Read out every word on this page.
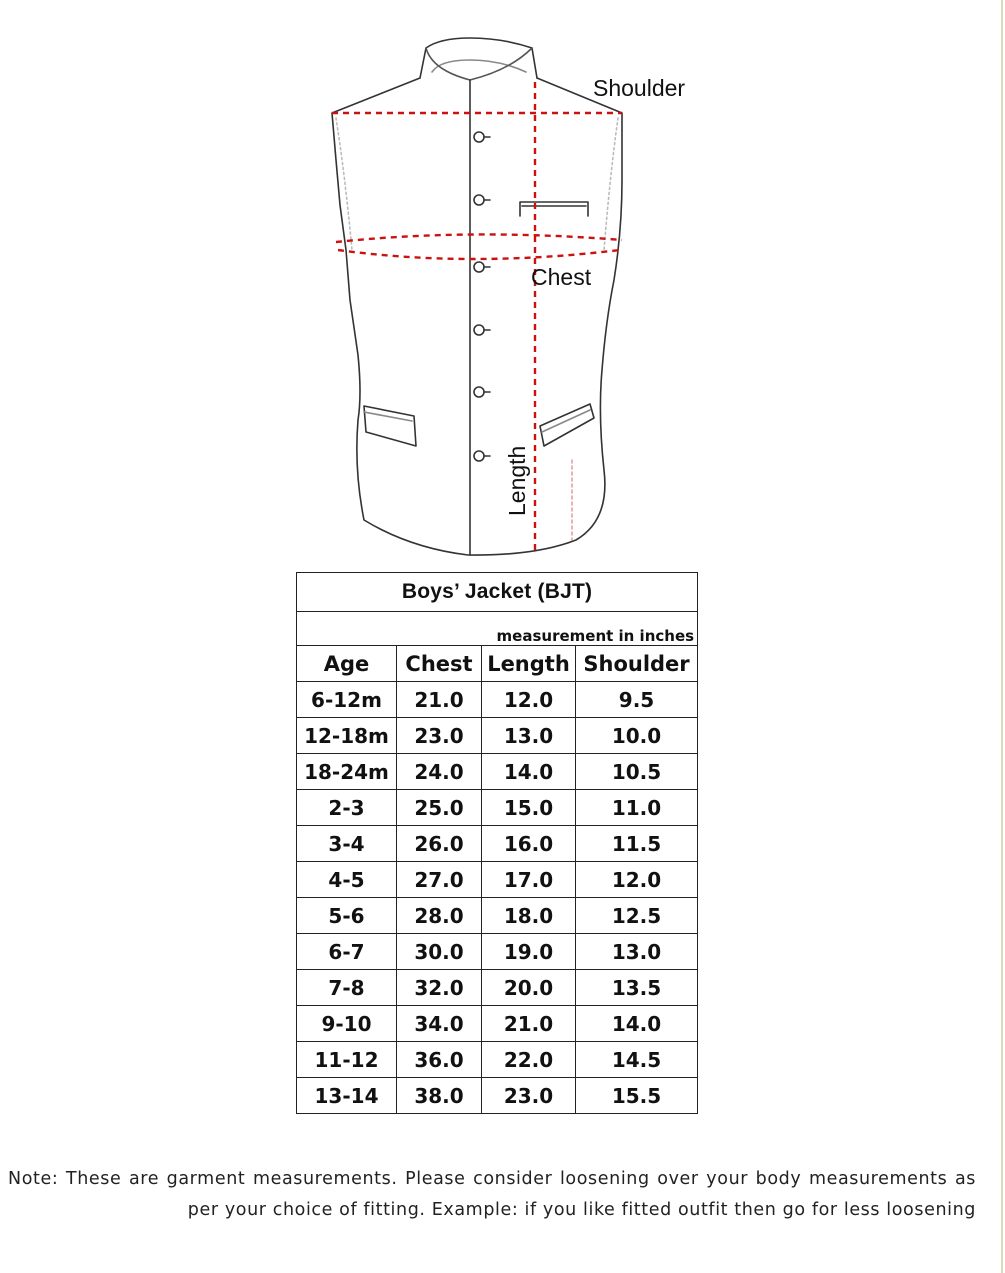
Shoulder
Chest
Length
Boys’ Jacket (BJT)			
measurement in inches			
Age	Chest	Length	Shoulder
6-12m	21.0	12.0	9.5
12-18m	23.0	13.0	10.0
18-24m	24.0	14.0	10.5
2-3	25.0	15.0	11.0
3-4	26.0	16.0	11.5
4-5	27.0	17.0	12.0
5-6	28.0	18.0	12.5
6-7	30.0	19.0	13.0
7-8	32.0	20.0	13.5
9-10	34.0	21.0	14.0
11-12	36.0	22.0	14.5
13-14	38.0	23.0	15.5
Note: These are garment measurements. Please consider loosening over your body measurements as per your choice of fitting. Example: if you like fitted outfit then go for less loosening
